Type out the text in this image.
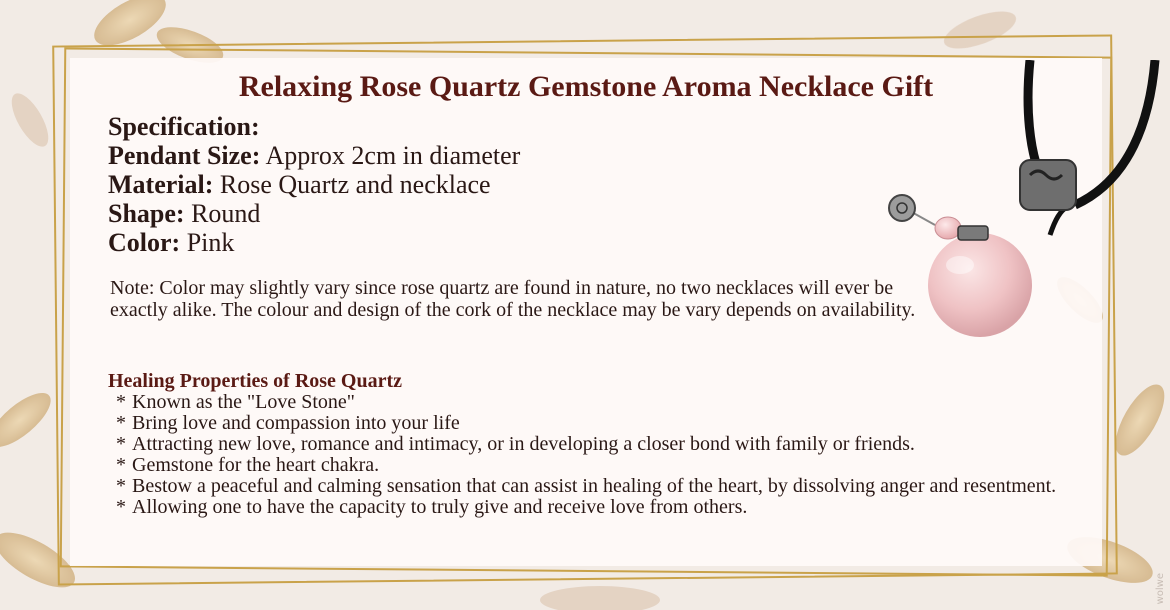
Relaxing Rose Quartz Gemstone Aroma Necklace Gift
Specification:
Pendant Size: Approx 2cm in diameter
Material: Rose Quartz and necklace
Shape: Round
Color: Pink

Note: Color may slightly vary since rose quartz are found in nature, no two necklaces will ever be exactly alike. The colour and design of the cork of the necklace may be vary depends on availability.

Healing Properties of Rose Quartz
* Known as the "Love Stone"
* Bring love and compassion into your life
* Attracting new love, romance and intimacy, or in developing a closer bond with family or friends.
* Gemstone for the heart chakra.
* Bestow a peaceful and calming sensation that can assist in healing of the heart, by dissolving anger and resentment.
* Allowing one to have the capacity to truly give and receive love from others.
wolwe
